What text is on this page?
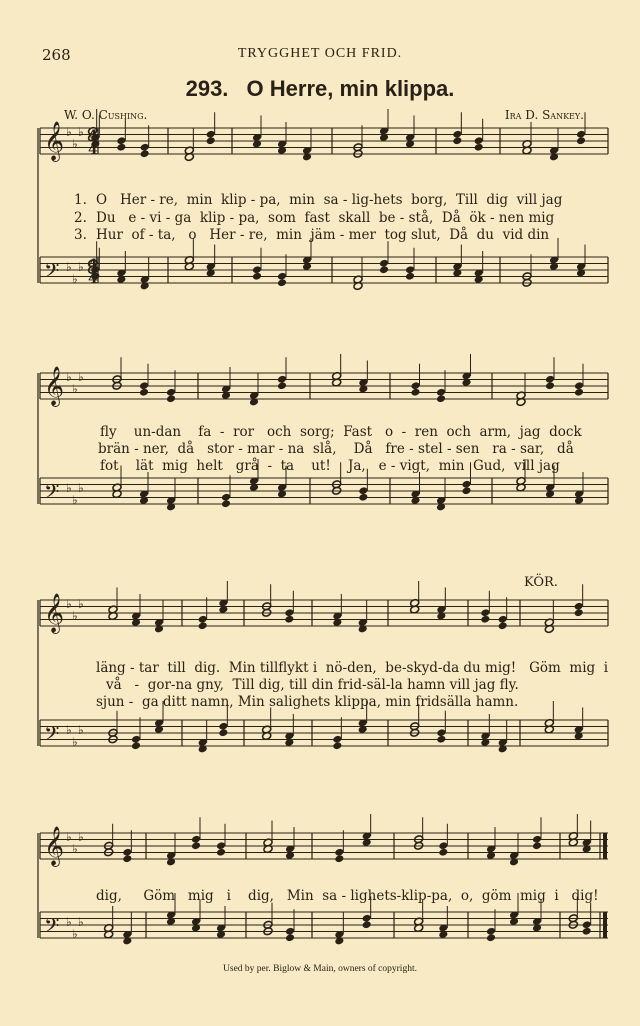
268	TRYGGHET OCH FRID.
293. O Herre, min klippa.
W. O. Cushing.	Ira D. Sankey.
𝄞 ♭
♭
♭
𝄢 ♭
♭
♭
𝄞 ♭
♭
♭
𝄢 ♭
♭
♭
𝄞 ♭
♭
♭
𝄢 ♭
♭
♭
𝄞 ♭
♭
♭
𝄢 ♭
♭
♭
4
4
4
4
1. O   Her - re,  min  klip - pa,  min  sa - lig-hets  borg,  Till  dig  vill jag
2. Du   e - vi - ga  klip - pa,  som  fast  skall  be - stå,  Då  ök - nen mig
3. Hur  of - ta,   o   Her - re,  min  jäm - mer  tog slut,  Då  du  vid din
fly    un-dan    fa  -  ror   och  sorg;  Fast   o  -  ren  och  arm,  jag  dock
brän - ner,  då   stor - mar - na  slå,    Då   fre - stel - sen   ra - sar,   då
fot    lät  mig  helt   grå  -  ta    ut!    Ja,   e - vigt,  min  Gud,  vill jag
KÖR.
läng - tar  till  dig.  Min tillflykt i  nö-den,  be-skyd-da du mig!   Göm  mig  i
vå   -  gor-na gny,  Till dig, till din frid-säl-la hamn vill jag fly.
sjun -  ga ditt namn, Min salighets klippa, min fridsälla hamn.
dig,     Göm   mig   i    dig,   Min  sa - lighets-klip-pa,  o,  göm  mig  i   dig!
Used by per. Biglow & Main, owners of copyright.
